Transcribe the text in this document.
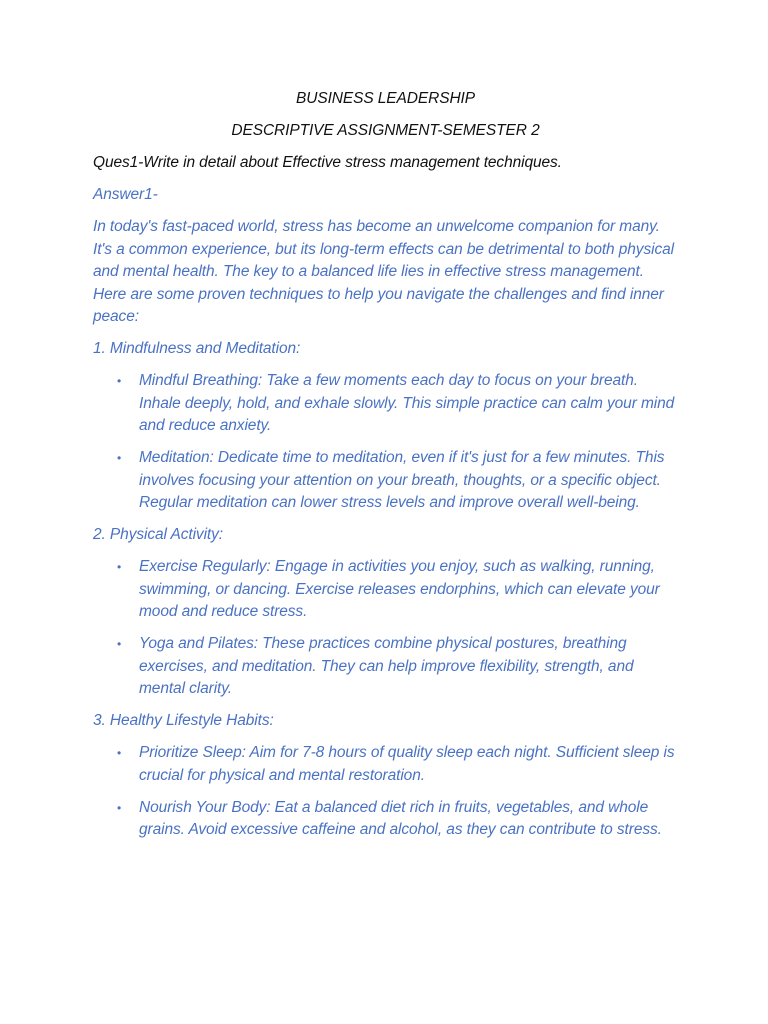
BUSINESS LEADERSHIP

DESCRIPTIVE ASSIGNMENT-SEMESTER 2

Ques1-Write in detail about Effective stress management techniques.

Answer1-

In today's fast-paced world, stress has become an unwelcome companion for many. It's a common experience, but its long-term effects can be detrimental to both physical and mental health. The key to a balanced life lies in effective stress management. Here are some proven techniques to help you navigate the challenges and find inner peace:

1. Mindfulness and Meditation:

• Mindful Breathing: Take a few moments each day to focus on your breath. Inhale deeply, hold, and exhale slowly. This simple practice can calm your mind and reduce anxiety.
• Meditation: Dedicate time to meditation, even if it's just for a few minutes. This involves focusing your attention on your breath, thoughts, or a specific object. Regular meditation can lower stress levels and improve overall well-being.

2. Physical Activity:

• Exercise Regularly: Engage in activities you enjoy, such as walking, running, swimming, or dancing. Exercise releases endorphins, which can elevate your mood and reduce stress.
• Yoga and Pilates: These practices combine physical postures, breathing exercises, and meditation. They can help improve flexibility, strength, and mental clarity.

3. Healthy Lifestyle Habits:

• Prioritize Sleep: Aim for 7-8 hours of quality sleep each night. Sufficient sleep is crucial for physical and mental restoration.
• Nourish Your Body: Eat a balanced diet rich in fruits, vegetables, and whole grains. Avoid excessive caffeine and alcohol, as they can contribute to stress.
